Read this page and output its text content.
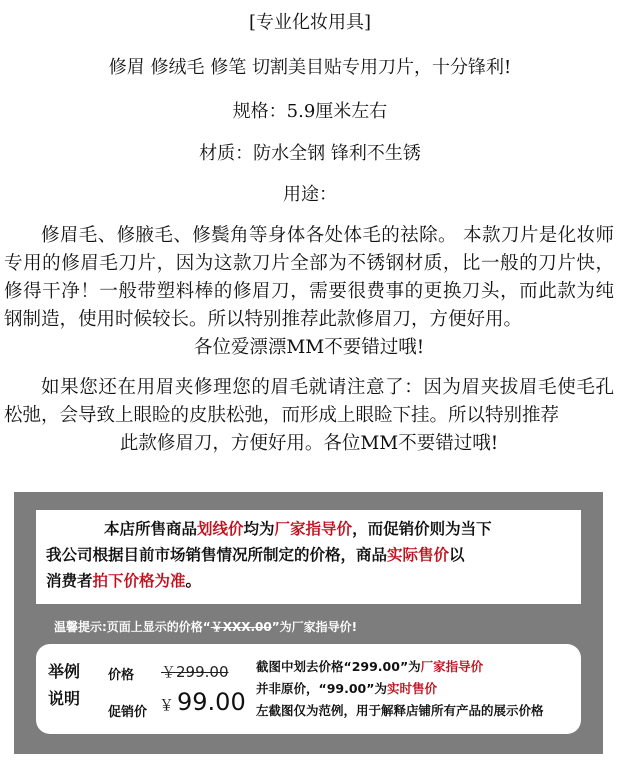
[专业化妆用具]
修眉 修绒毛 修笔 切割美目贴专用刀片，十分锋利!
规格：5.9厘米左右
材质：防水全钢 锋利不生锈
用途：

修眉毛、修腋毛、修鬓角等身体各处体毛的祛除。 本款刀片是化妆师专用的修眉毛刀片，因为这款刀片全部为不锈钢材质，比一般的刀片快，修得干净！一般带塑料棒的修眉刀，需要很费事的更换刀头，而此款为纯钢制造，使用时候较长。所以特别推荐此款修眉刀，方便好用。
各位爱漂漂MM不要错过哦!

如果您还在用眉夹修理您的眉毛就请注意了：因为眉夹拔眉毛使毛孔松弛，会导致上眼睑的皮肤松弛，而形成上眼睑下挂。所以特别推荐
此款修眉刀，方便好用。各位MM不要错过哦!

本店所售商品划线价均为厂家指导价，而促销价则为当下
我公司根据目前市场销售情况所制定的价格，商品实际售价以
消费者拍下价格为准。
温馨提示:页面上显示的价格“￥XXX.00”为厂家指导价!
举例
说明
价格
促销价
￥299.00
￥ 99.00
截图中划去价格“299.00”为厂家指导价
并非原价，“99.00”为实时售价
左截图仅为范例，用于解释店铺所有产品的展示价格
